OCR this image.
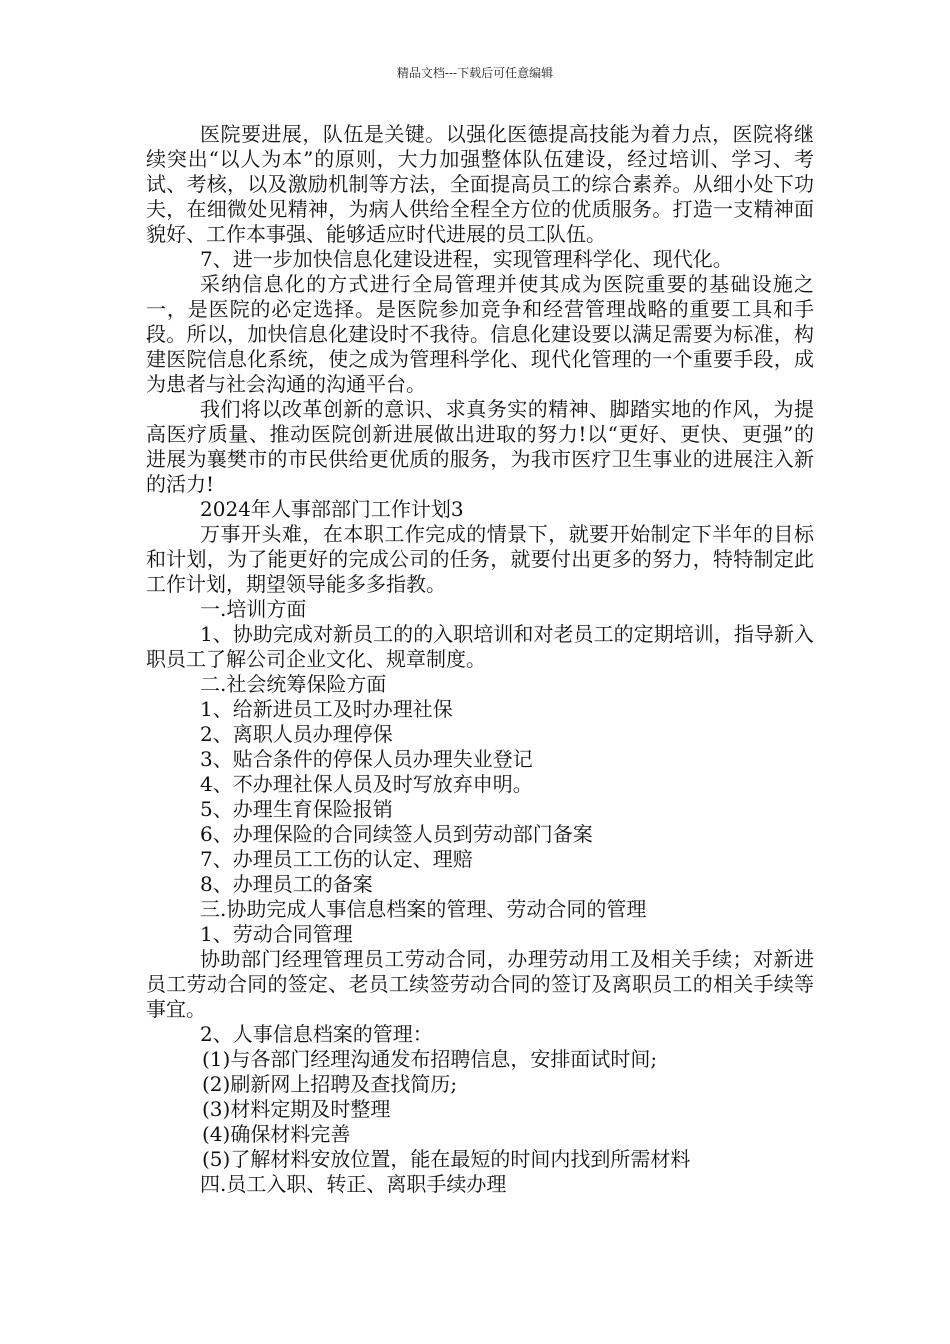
精品文档---下载后可任意编辑

医院要进展，队伍是关键。以强化医德提高技能为着力点，医院将继续突出“以人为本”的原则，大力加强整体队伍建设，经过培训、学习、考试、考核，以及激励机制等方法，全面提高员工的综合素养。从细小处下功夫，在细微处见精神，为病人供给全程全方位的优质服务。打造一支精神面貌好、工作本事强、能够适应时代进展的员工队伍。

7、进一步加快信息化建设进程，实现管理科学化、现代化。

采纳信息化的方式进行全局管理并使其成为医院重要的基础设施之一，是医院的必定选择。是医院参加竞争和经营管理战略的重要工具和手段。所以，加快信息化建设时不我待。信息化建设要以满足需要为标准，构建医院信息化系统，使之成为管理科学化、现代化管理的一个重要手段，成为患者与社会沟通的沟通平台。

我们将以改革创新的意识、求真务实的精神、脚踏实地的作风，为提高医疗质量、推动医院创新进展做出进取的努力!以“更好、更快、更强”的进展为襄樊市的市民供给更优质的服务，为我市医疗卫生事业的进展注入新的活力!

2024年人事部部门工作计划3

万事开头难，在本职工作完成的情景下，就要开始制定下半年的目标和计划，为了能更好的完成公司的任务，就要付出更多的努力，特特制定此工作计划，期望领导能多多指教。

一.培训方面

1、协助完成对新员工的的入职培训和对老员工的定期培训，指导新入职员工了解公司企业文化、规章制度。

二.社会统筹保险方面

1、给新进员工及时办理社保

2、离职人员办理停保

3、贴合条件的停保人员办理失业登记

4、不办理社保人员及时写放弃申明。

5、办理生育保险报销

6、办理保险的合同续签人员到劳动部门备案

7、办理员工工伤的认定、理赔

8、办理员工的备案

三.协助完成人事信息档案的管理、劳动合同的管理

1、劳动合同管理

协助部门经理管理员工劳动合同，办理劳动用工及相关手续；对新进员工劳动合同的签定、老员工续签劳动合同的签订及离职员工的相关手续等事宜。

2、人事信息档案的管理：

(1)与各部门经理沟通发布招聘信息，安排面试时间;

(2)刷新网上招聘及查找简历;

(3)材料定期及时整理

(4)确保材料完善

(5)了解材料安放位置，能在最短的时间内找到所需材料

四.员工入职、转正、离职手续办理
